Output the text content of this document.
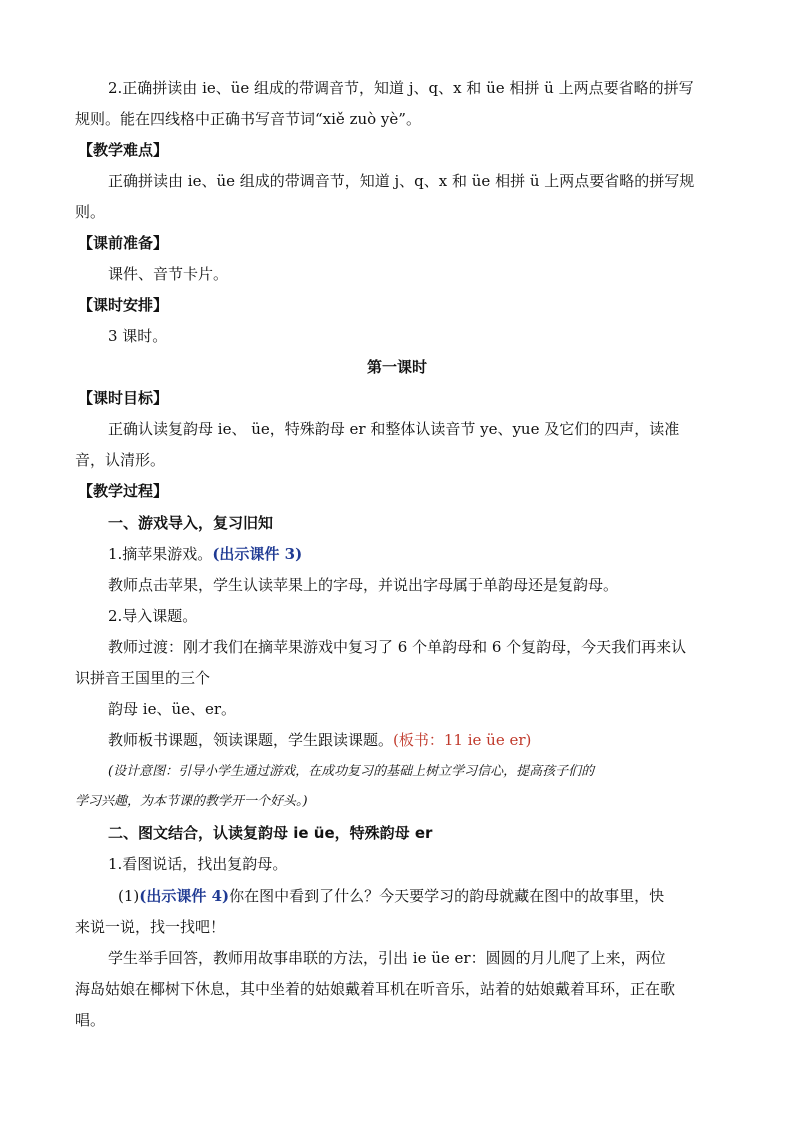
2.正确拼读由 ie、üe 组成的带调音节，知道 j、q、x 和 üe 相拼 ü 上两点要省略的拼写
规则。能在四线格中正确书写音节词“xiě zuò yè”。
【教学难点】
正确拼读由 ie、üe 组成的带调音节，知道 j、q、x 和 üe 相拼 ü 上两点要省略的拼写规
则。
【课前准备】
课件、音节卡片。
【课时安排】
3 课时。
第一课时
【课时目标】
正确认读复韵母 ie、 üe，特殊韵母 er 和整体认读音节 ye、yue 及它们的四声，读准
音，认清形。
【教学过程】
一、游戏导入，复习旧知
1.摘苹果游戏。(出示课件 3)
教师点击苹果，学生认读苹果上的字母，并说出字母属于单韵母还是复韵母。
2.导入课题。
教师过渡：刚才我们在摘苹果游戏中复习了 6 个单韵母和 6 个复韵母，今天我们再来认
识拼音王国里的三个
韵母 ie、üe、er。
教师板书课题，领读课题，学生跟读课题。(板书：11 ie üe er)
(设计意图：引导小学生通过游戏，在成功复习的基础上树立学习信心，提高孩子们的
学习兴趣，为本节课的教学开一个好头。)
二、图文结合，认读复韵母 ie üe，特殊韵母 er
1.看图说话，找出复韵母。
(1)(出示课件 4)你在图中看到了什么？今天要学习的韵母就藏在图中的故事里，快
来说一说，找一找吧！
学生举手回答，教师用故事串联的方法，引出 ie üe er：圆圆的月儿爬了上来，两位
海岛姑娘在椰树下休息，其中坐着的姑娘戴着耳机在听音乐，站着的姑娘戴着耳环，正在歌
唱。
